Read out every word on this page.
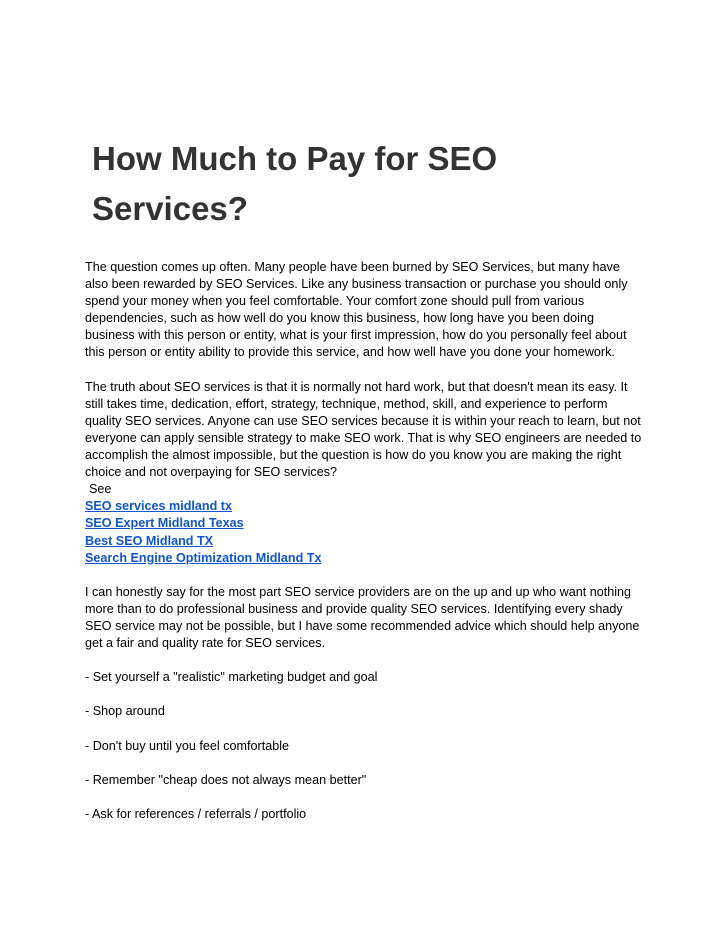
How Much to Pay for SEO Services?

The question comes up often. Many people have been burned by SEO Services, but many have also been rewarded by SEO Services. Like any business transaction or purchase you should only spend your money when you feel comfortable. Your comfort zone should pull from various dependencies, such as how well do you know this business, how long have you been doing business with this person or entity, what is your first impression, how do you personally feel about this person or entity ability to provide this service, and how well have you done your homework.

The truth about SEO services is that it is normally not hard work, but that doesn't mean its easy. It still takes time, dedication, effort, strategy, technique, method, skill, and experience to perform quality SEO services. Anyone can use SEO services because it is within your reach to learn, but not everyone can apply sensible strategy to make SEO work. That is why SEO engineers are needed to accomplish the almost impossible, but the question is how do you know you are making the right choice and not overpaying for SEO services?

See

SEO services midland tx
SEO Expert Midland Texas
Best SEO Midland TX
Search Engine Optimization Midland Tx

I can honestly say for the most part SEO service providers are on the up and up who want nothing more than to do professional business and provide quality SEO services. Identifying every shady SEO service may not be possible, but I have some recommended advice which should help anyone get a fair and quality rate for SEO services.

- Set yourself a "realistic" marketing budget and goal

- Shop around

- Don't buy until you feel comfortable

- Remember "cheap does not always mean better"

- Ask for references / referrals / portfolio
